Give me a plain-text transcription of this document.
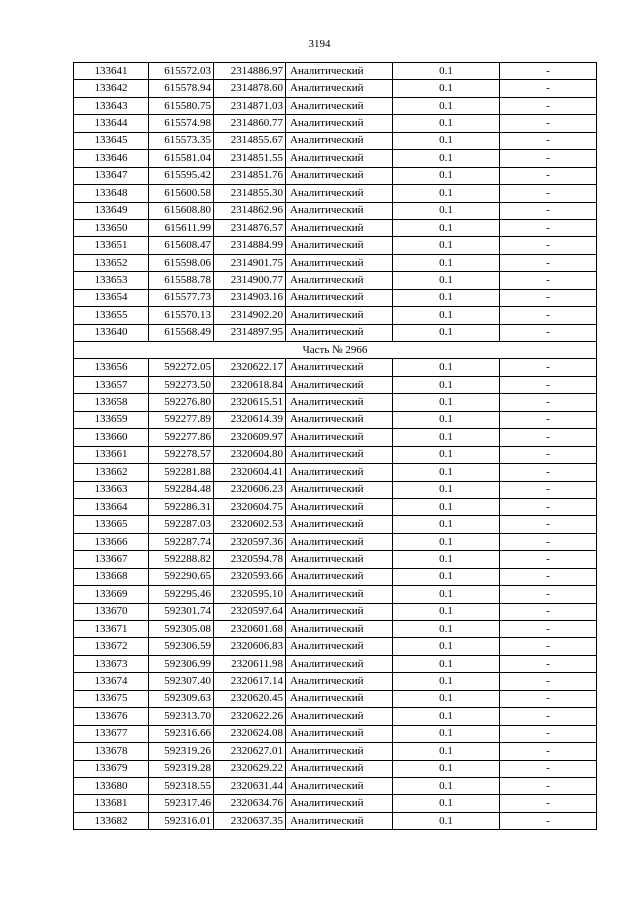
3194
133641	615572.03	2314886.97	Аналитический	0.1	-
133642	615578.94	2314878.60	Аналитический	0.1	-
133643	615580.75	2314871.03	Аналитический	0.1	-
133644	615574.98	2314860.77	Аналитический	0.1	-
133645	615573.35	2314855.67	Аналитический	0.1	-
133646	615581.04	2314851.55	Аналитический	0.1	-
133647	615595.42	2314851.76	Аналитический	0.1	-
133648	615600.58	2314855.30	Аналитический	0.1	-
133649	615608.80	2314862.96	Аналитический	0.1	-
133650	615611.99	2314876.57	Аналитический	0.1	-
133651	615608.47	2314884.99	Аналитический	0.1	-
133652	615598.06	2314901.75	Аналитический	0.1	-
133653	615588.78	2314900.77	Аналитический	0.1	-
133654	615577.73	2314903.16	Аналитический	0.1	-
133655	615570.13	2314902.20	Аналитический	0.1	-
133640	615568.49	2314897.95	Аналитический	0.1	-
Часть № 2966					
133656	592272.05	2320622.17	Аналитический	0.1	-
133657	592273.50	2320618.84	Аналитический	0.1	-
133658	592276.80	2320615.51	Аналитический	0.1	-
133659	592277.89	2320614.39	Аналитический	0.1	-
133660	592277.86	2320609.97	Аналитический	0.1	-
133661	592278.57	2320604.80	Аналитический	0.1	-
133662	592281.88	2320604.41	Аналитический	0.1	-
133663	592284.48	2320606.23	Аналитический	0.1	-
133664	592286.31	2320604.75	Аналитический	0.1	-
133665	592287.03	2320602.53	Аналитический	0.1	-
133666	592287.74	2320597.36	Аналитический	0.1	-
133667	592288.82	2320594.78	Аналитический	0.1	-
133668	592290.65	2320593.66	Аналитический	0.1	-
133669	592295.46	2320595.10	Аналитический	0.1	-
133670	592301.74	2320597.64	Аналитический	0.1	-
133671	592305.08	2320601.68	Аналитический	0.1	-
133672	592306.59	2320606.83	Аналитический	0.1	-
133673	592306.99	2320611.98	Аналитический	0.1	-
133674	592307.40	2320617.14	Аналитический	0.1	-
133675	592309.63	2320620.45	Аналитический	0.1	-
133676	592313.70	2320622.26	Аналитический	0.1	-
133677	592316.66	2320624.08	Аналитический	0.1	-
133678	592319.26	2320627.01	Аналитический	0.1	-
133679	592319.28	2320629.22	Аналитический	0.1	-
133680	592318.55	2320631.44	Аналитический	0.1	-
133681	592317.46	2320634.76	Аналитический	0.1	-
133682	592316.01	2320637.35	Аналитический	0.1	-
